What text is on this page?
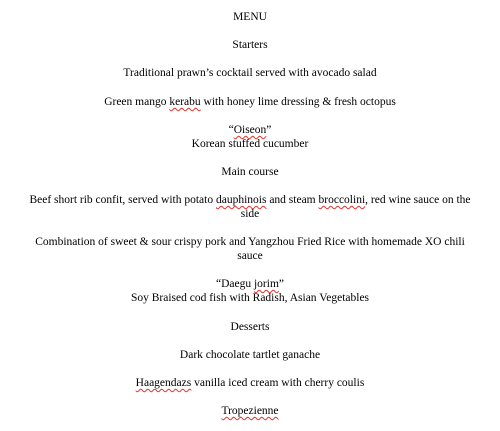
MENU
Starters
Traditional prawn’s cocktail served with avocado salad
Green mango kerabu with honey lime dressing & fresh octopus
“Oiseon”
Korean stuffed cucumber
Main course
Beef short rib confit, served with potato dauphinois and steam broccolini, red wine sauce on the
side
Combination of sweet & sour crispy pork and Yangzhou Fried Rice with homemade XO chili
sauce
“Daegu jorim”
Soy Braised cod fish with Radish, Asian Vegetables
Desserts
Dark chocolate tartlet ganache
Haagendazs vanilla iced cream with cherry coulis
Tropezienne
